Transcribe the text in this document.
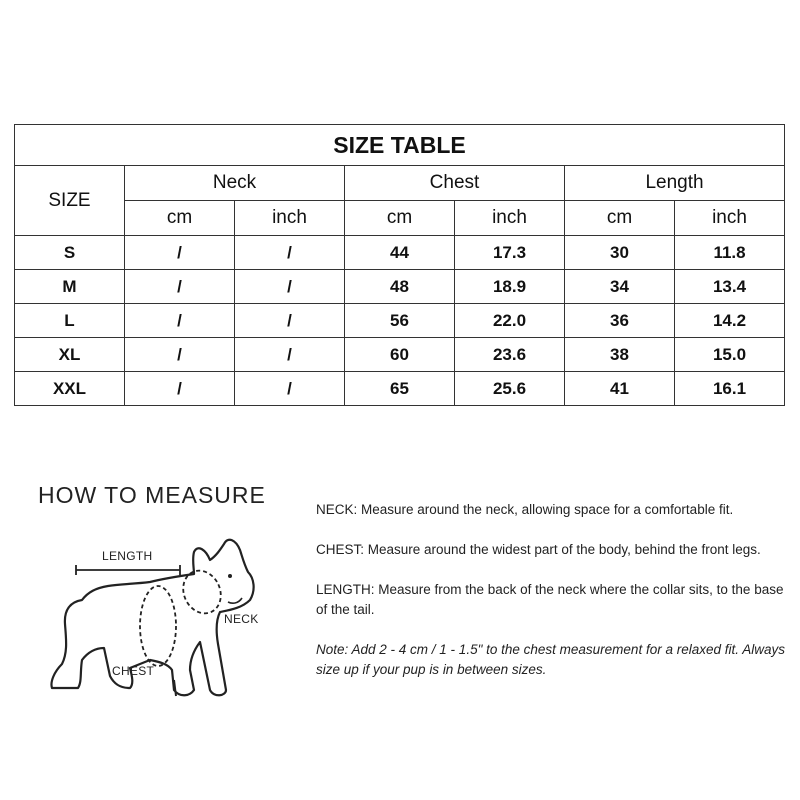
SIZE TABLE						
SIZE	Neck		Chest		Length	
	cm	inch	cm	inch	cm	inch
S	/	/	44	17.3	30	11.8
M	/	/	48	18.9	34	13.4
L	/	/	56	22.0	36	14.2
XL	/	/	60	23.6	38	15.0
XXL	/	/	65	25.6	41	16.1
HOW TO MEASURE
LENGTH
NECK
CHEST

NECK: Measure around the neck, allowing space for a comfortable fit.

CHEST: Measure around the widest part of the body, behind the front legs.

LENGTH: Measure from the back of the neck where the collar sits, to the base of the tail.

Note: Add 2 - 4 cm / 1 - 1.5" to the chest measurement for a relaxed fit. Always size up if your pup is in between sizes.
